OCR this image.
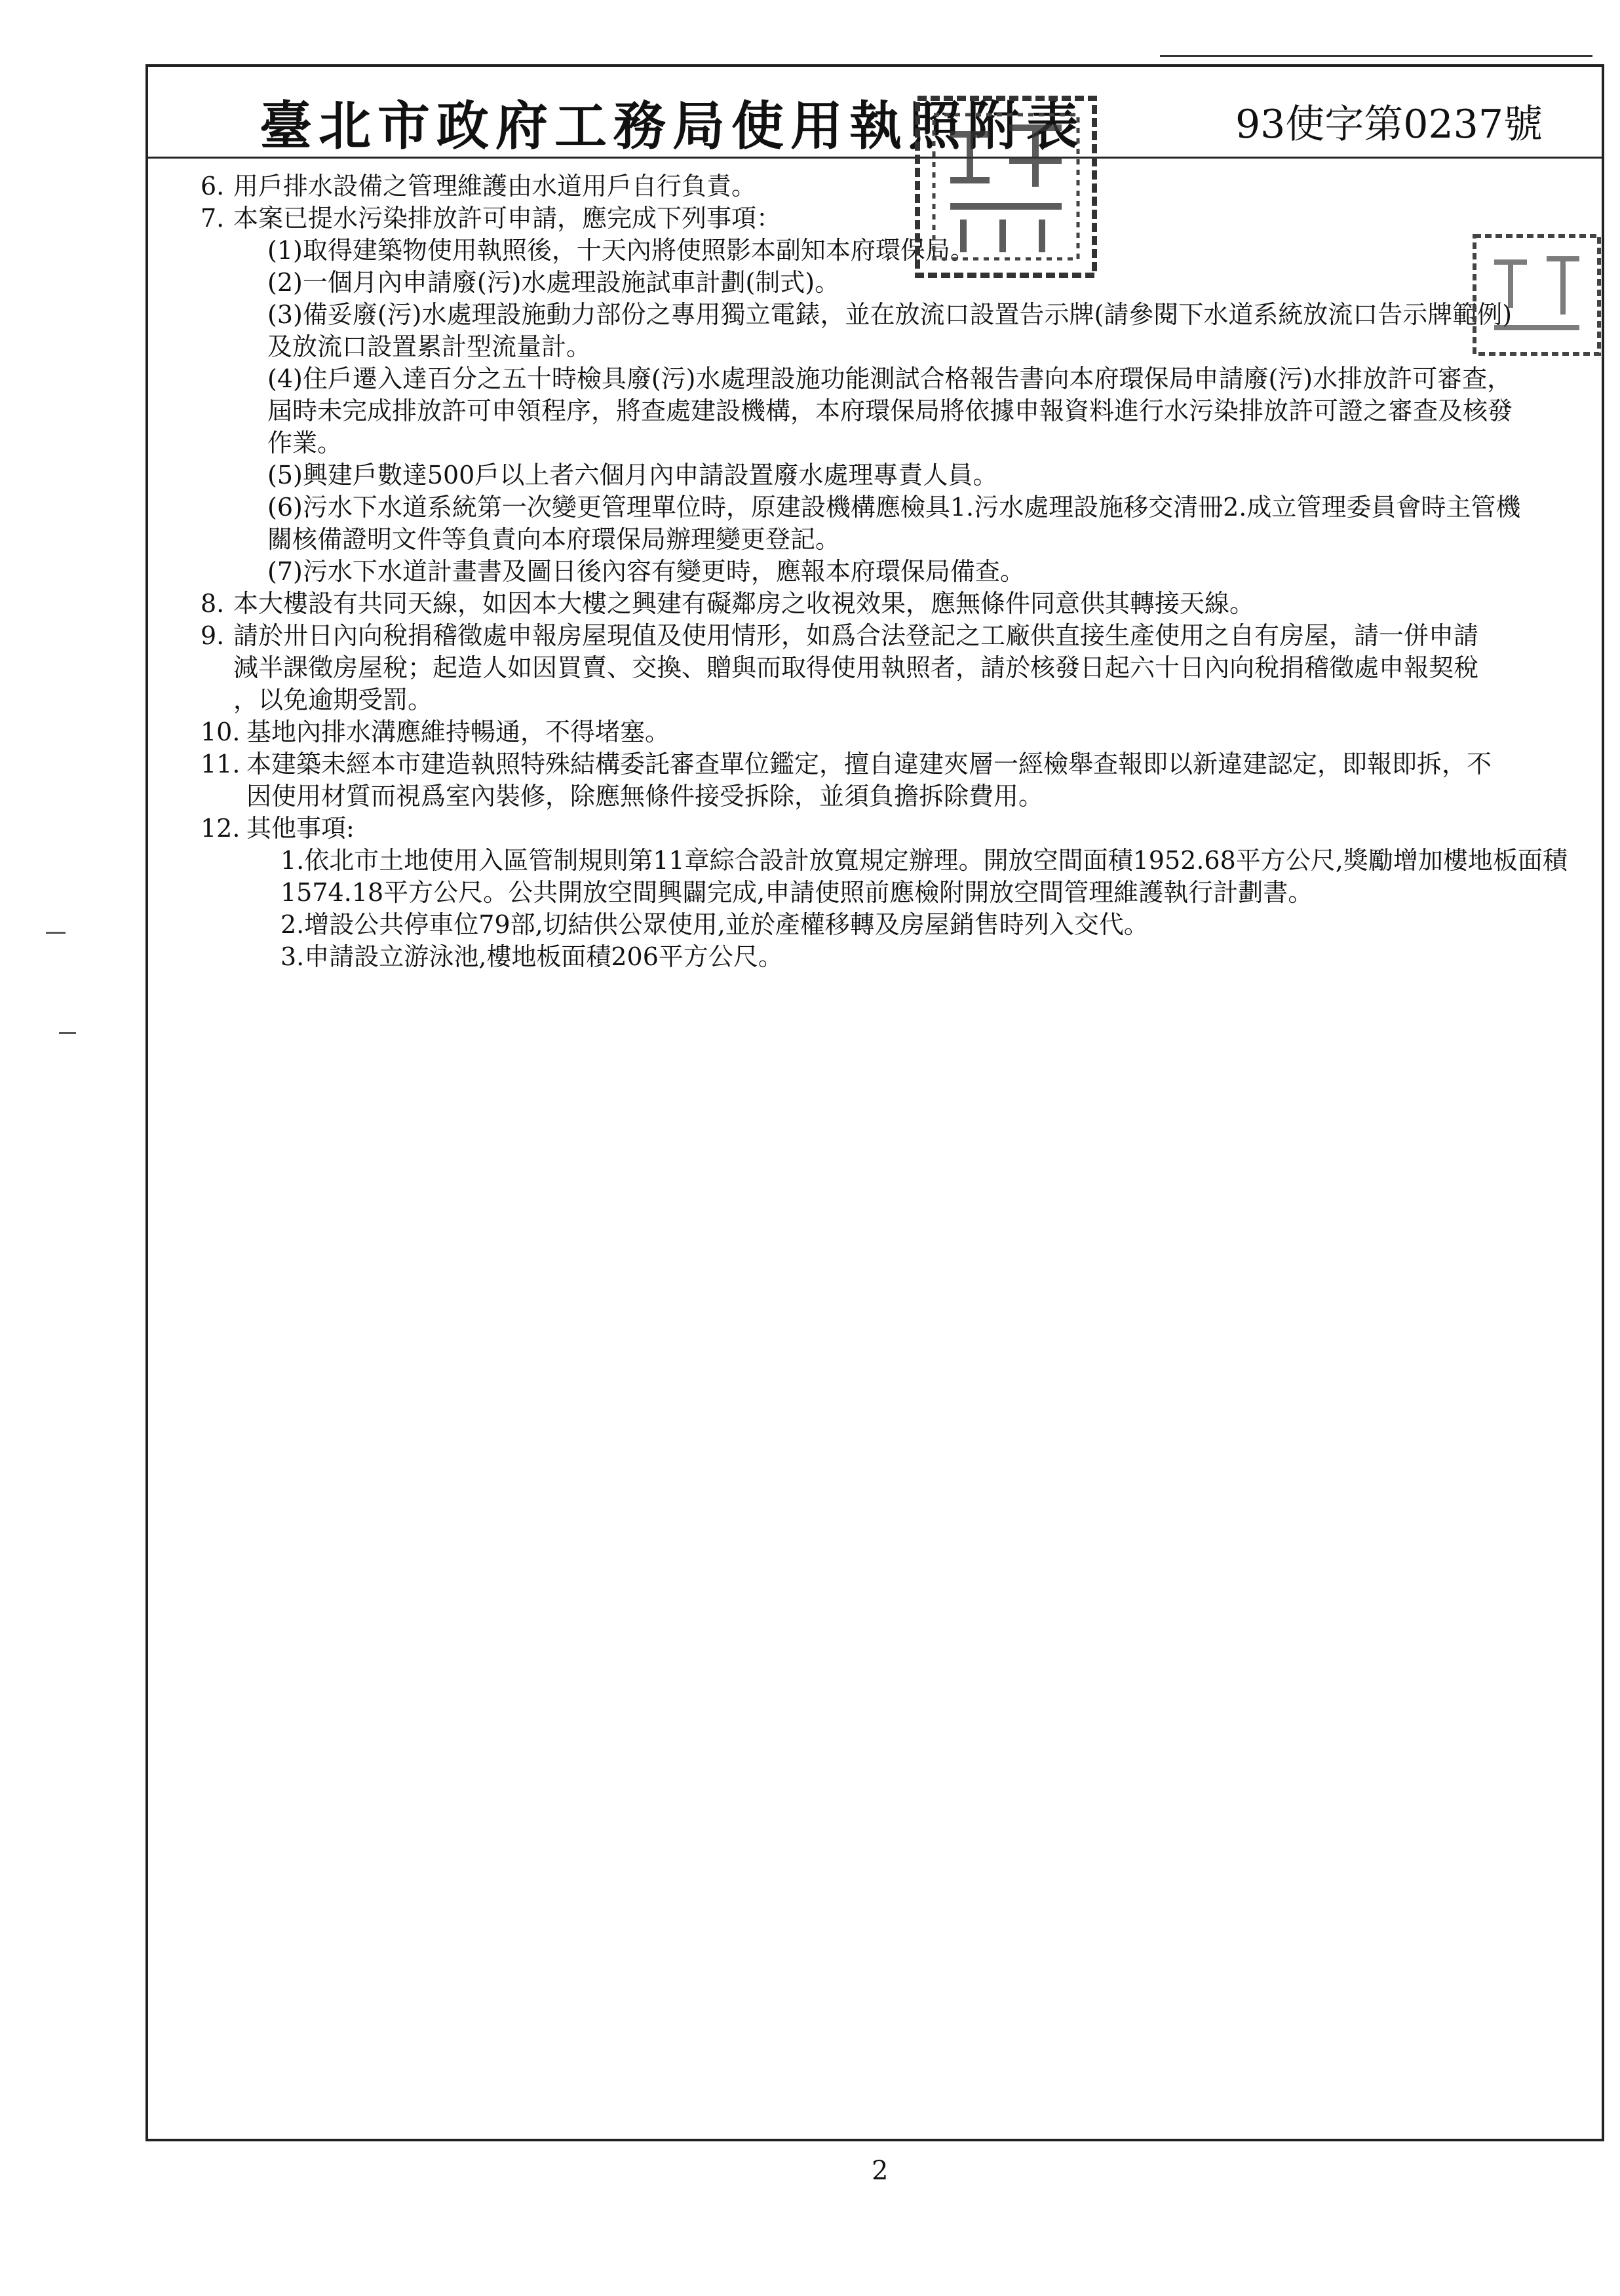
臺北市政府工務局使用執照附表	93使字第0237號
6. 用戶排水設備之管理維護由水道用戶自行負責。
7. 本案已提水污染排放許可申請，應完成下列事項：
(1)取得建築物使用執照後，十天內將使照影本副知本府環保局。
(2)一個月內申請廢(污)水處理設施試車計劃(制式)。
(3)備妥廢(污)水處理設施動力部份之專用獨立電錶，並在放流口設置告示牌(請參閱下水道系統放流口告示牌範例)
及放流口設置累計型流量計。
(4)住戶遷入達百分之五十時檢具廢(污)水處理設施功能測試合格報告書向本府環保局申請廢(污)水排放許可審查，
屆時未完成排放許可申領程序，將查處建設機構，本府環保局將依據申報資料進行水污染排放許可證之審查及核發
作業。
(5)興建戶數達500戶以上者六個月內申請設置廢水處理專責人員。
(6)污水下水道系統第一次變更管理單位時，原建設機構應檢具1.污水處理設施移交清冊2.成立管理委員會時主管機
關核備證明文件等負責向本府環保局辦理變更登記。
(7)污水下水道計畫書及圖日後內容有變更時，應報本府環保局備查。
8. 本大樓設有共同天線，如因本大樓之興建有礙鄰房之收視效果，應無條件同意供其轉接天線。
9. 請於卅日內向稅捐稽徵處申報房屋現值及使用情形，如爲合法登記之工廠供直接生產使用之自有房屋，請一併申請
減半課徵房屋稅；起造人如因買賣、交換、贈與而取得使用執照者，請於核發日起六十日內向稅捐稽徵處申報契稅
，以免逾期受罰。
10. 基地內排水溝應維持暢通，不得堵塞。
11. 本建築未經本市建造執照特殊結構委託審查單位鑑定，擅自違建夾層一經檢舉查報即以新違建認定，即報即拆，不
因使用材質而視爲室內裝修，除應無條件接受拆除，並須負擔拆除費用。
12. 其他事項:
1.依北市土地使用入區管制規則第11章綜合設計放寬規定辦理。開放空間面積1952.68平方公尺,獎勵增加樓地板面積
1574.18平方公尺。公共開放空間興闢完成,申請使照前應檢附開放空間管理維護執行計劃書。
2.增設公共停車位79部,切結供公眾使用,並於產權移轉及房屋銷售時列入交代。
3.申請設立游泳池,樓地板面積206平方公尺。
2
